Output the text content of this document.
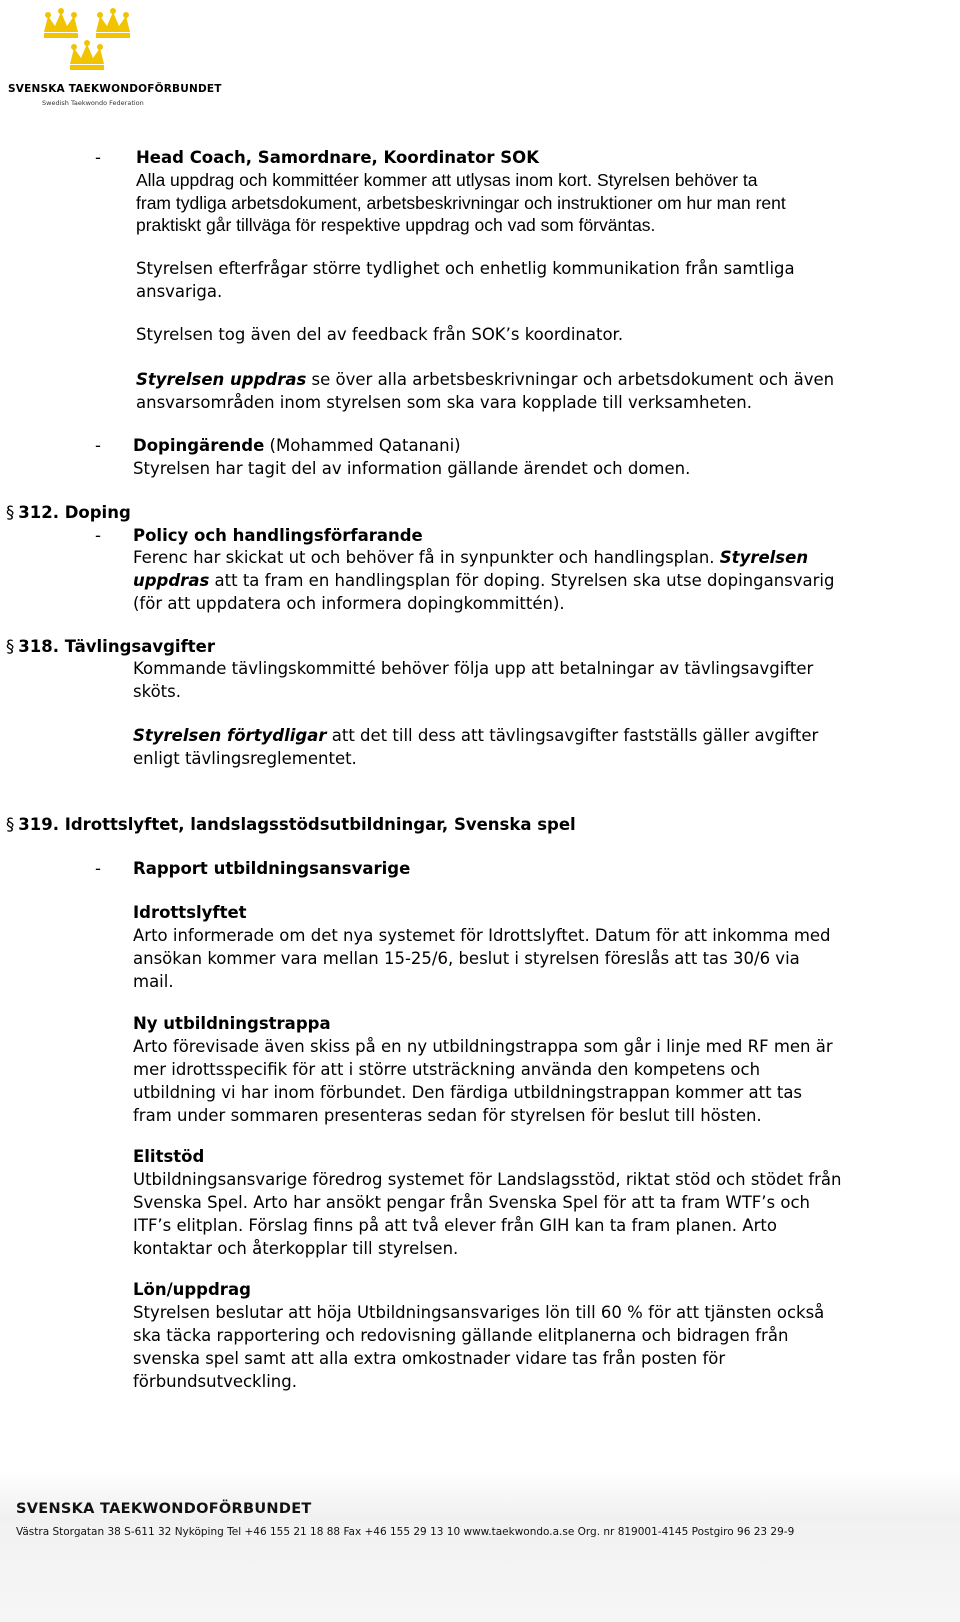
SVENSKA TAEKWONDOFÖRBUNDET
Swedish Taekwondo Federation
- Head Coach, Samordnare, Koordinator SOK
Alla uppdrag och kommittéer kommer att utlysas inom kort. Styrelsen behöver ta
fram tydliga arbetsdokument, arbetsbeskrivningar och instruktioner om hur man rent
praktiskt går tillväga för respektive uppdrag och vad som förväntas.
Styrelsen efterfrågar större tydlighet och enhetlig kommunikation från samtliga
ansvariga.
Styrelsen tog även del av feedback från SOK’s koordinator.
Styrelsen uppdras se över alla arbetsbeskrivningar och arbetsdokument och även
ansvarsområden inom styrelsen som ska vara kopplade till verksamheten.
- Dopingärende (Mohammed Qatanani)
Styrelsen har tagit del av information gällande ärendet och domen.
§ 312. Doping
- Policy och handlingsförfarande
Ferenc har skickat ut och behöver få in synpunkter och handlingsplan. Styrelsen
uppdras att ta fram en handlingsplan för doping. Styrelsen ska utse dopingansvarig
(för att uppdatera och informera dopingkommittén).
§ 318. Tävlingsavgifter
Kommande tävlingskommitté behöver följa upp att betalningar av tävlingsavgifter
sköts.
Styrelsen förtydligar att det till dess att tävlingsavgifter fastställs gäller avgifter
enligt tävlingsreglementet.
§ 319. Idrottslyftet, landslagsstödsutbildningar, Svenska spel
- Rapport utbildningsansvarige
Idrottslyftet
Arto informerade om det nya systemet för Idrottslyftet. Datum för att inkomma med
ansökan kommer vara mellan 15-25/6, beslut i styrelsen föreslås att tas 30/6 via
mail.
Ny utbildningstrappa
Arto förevisade även skiss på en ny utbildningstrappa som går i linje med RF men är
mer idrottsspecifik för att i större utsträckning använda den kompetens och
utbildning vi har inom förbundet. Den färdiga utbildningstrappan kommer att tas
fram under sommaren presenteras sedan för styrelsen för beslut till hösten.
Elitstöd
Utbildningsansvarige föredrog systemet för Landslagsstöd, riktat stöd och stödet från
Svenska Spel. Arto har ansökt pengar från Svenska Spel för att ta fram WTF’s och
ITF’s elitplan. Förslag finns på att två elever från GIH kan ta fram planen. Arto
kontaktar och återkopplar till styrelsen.
Lön/uppdrag
Styrelsen beslutar att höja Utbildningsansvariges lön till 60 % för att tjänsten också
ska täcka rapportering och redovisning gällande elitplanerna och bidragen från
svenska spel samt att alla extra omkostnader vidare tas från posten för
förbundsutveckling.
SVENSKA TAEKWONDOFÖRBUNDET
Västra Storgatan 38 S-611 32 Nyköping Tel +46 155 21 18 88 Fax +46 155 29 13 10 www.taekwondo.a.se Org. nr 819001-4145 Postgiro 96 23 29-9
